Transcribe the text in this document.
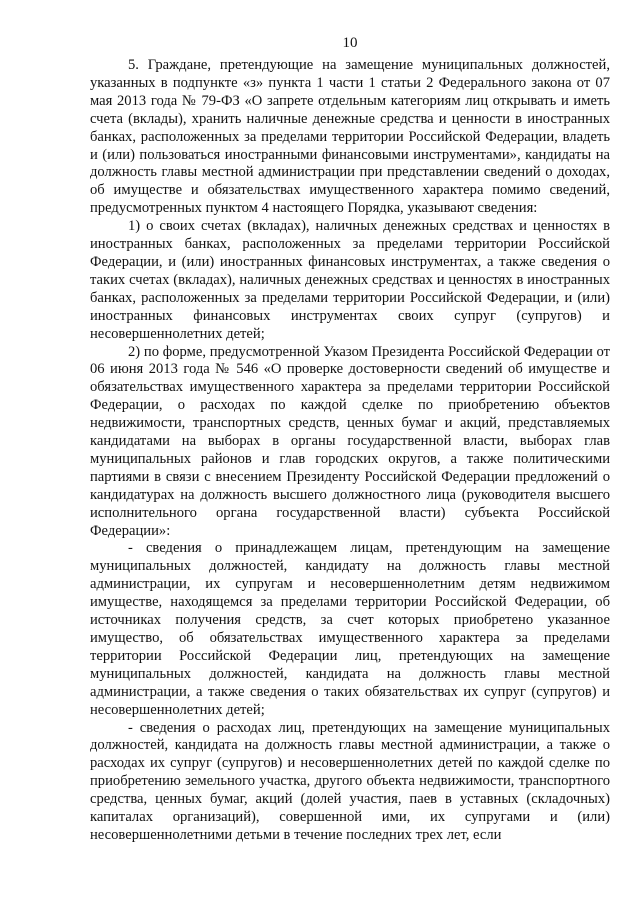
10

5. Граждане, претендующие на замещение муниципальных должностей, указанных в подпункте «з» пункта 1 части 1 статьи 2 Федерального закона от 07 мая 2013 года № 79-ФЗ «О запрете отдельным категориям лиц открывать и иметь счета (вклады), хранить наличные денежные средства и ценности в иностранных банках, расположенных за пределами территории Российской Федерации, владеть и (или) пользоваться иностранными финансовыми инструментами», кандидаты на должность главы местной администрации при представлении сведений о доходах, об имуществе и обязательствах имущественного характера помимо сведений, предусмотренных пунктом 4 настоящего Порядка, указывают сведения:

1) о своих счетах (вкладах), наличных денежных средствах и ценностях в иностранных банках, расположенных за пределами территории Российской Федерации, и (или) иностранных финансовых инструментах, а также сведения о таких счетах (вкладах), наличных денежных средствах и ценностях в иностранных банках, расположенных за пределами территории Российской Федерации, и (или) иностранных финансовых инструментах своих супруг (супругов) и несовершеннолетних детей;

2) по форме, предусмотренной Указом Президента Российской Федерации от 06 июня 2013 года № 546 «О проверке достоверности сведений об имуществе и обязательствах имущественного характера за пределами территории Российской Федерации, о расходах по каждой сделке по приобретению объектов недвижимости, транспортных средств, ценных бумаг и акций, представляемых кандидатами на выборах в органы государственной власти, выборах глав муниципальных районов и глав городских округов, а также политическими партиями в связи с внесением Президенту Российской Федерации предложений о кандидатурах на должность высшего должностного лица (руководителя высшего исполнительного органа государственной власти) субъекта Российской Федерации»:

- сведения о принадлежащем лицам, претендующим на замещение муниципальных должностей, кандидату на должность главы местной администрации, их супругам и несовершеннолетним детям недвижимом имуществе, находящемся за пределами территории Российской Федерации, об источниках получения средств, за счет которых приобретено указанное имущество, об обязательствах имущественного характера за пределами территории Российской Федерации лиц, претендующих на замещение муниципальных должностей, кандидата на должность главы местной администрации, а также сведения о таких обязательствах их супруг (супругов) и несовершеннолетних детей;

- сведения о расходах лиц, претендующих на замещение муниципальных должностей, кандидата на должность главы местной администрации, а также о расходах их супруг (супругов) и несовершеннолетних детей по каждой сделке по приобретению земельного участка, другого объекта недвижимости, транспортного средства, ценных бумаг, акций (долей участия, паев в уставных (складочных) капиталах организаций), совершенной ими, их супругами и (или) несовершеннолетними детьми в течение последних трех лет, если
